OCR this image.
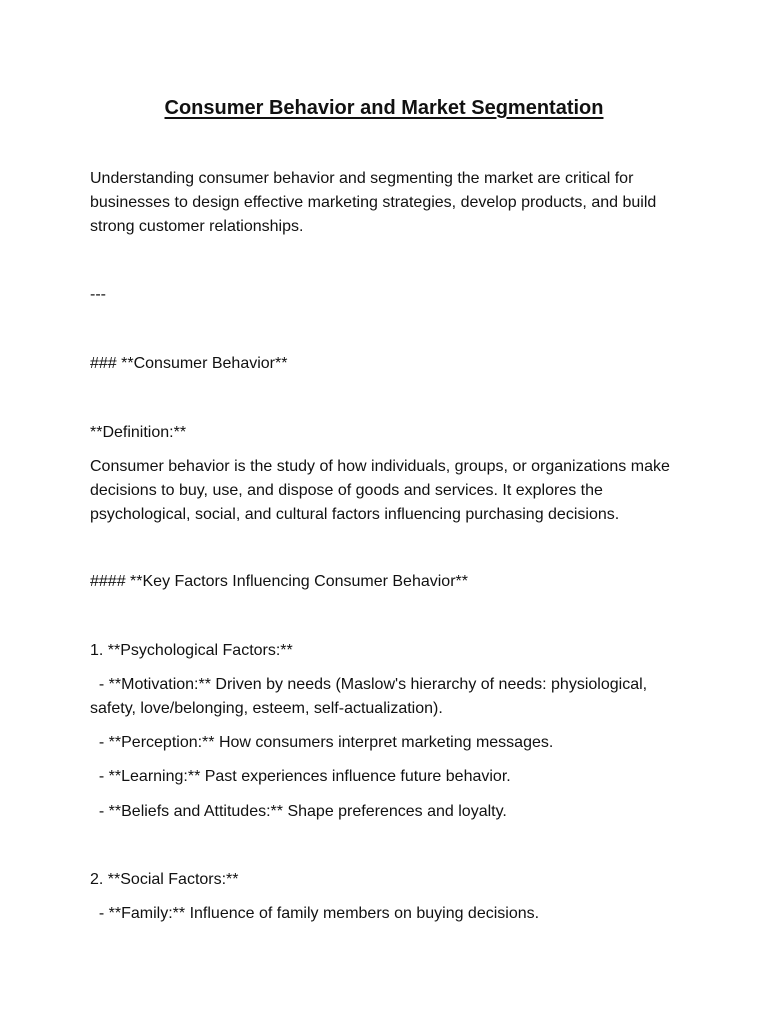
Consumer Behavior and Market Segmentation

Understanding consumer behavior and segmenting the market are critical for businesses to design effective marketing strategies, develop products, and build strong customer relationships.

---

### **Consumer Behavior**

**Definition:**

Consumer behavior is the study of how individuals, groups, or organizations make decisions to buy, use, and dispose of goods and services. It explores the psychological, social, and cultural factors influencing purchasing decisions.

#### **Key Factors Influencing Consumer Behavior**

1. **Psychological Factors:**

- **Motivation:** Driven by needs (Maslow's hierarchy of needs: physiological, safety, love/belonging, esteem, self-actualization).

- **Perception:** How consumers interpret marketing messages.

- **Learning:** Past experiences influence future behavior.

- **Beliefs and Attitudes:** Shape preferences and loyalty.

2. **Social Factors:**

- **Family:** Influence of family members on buying decisions.
